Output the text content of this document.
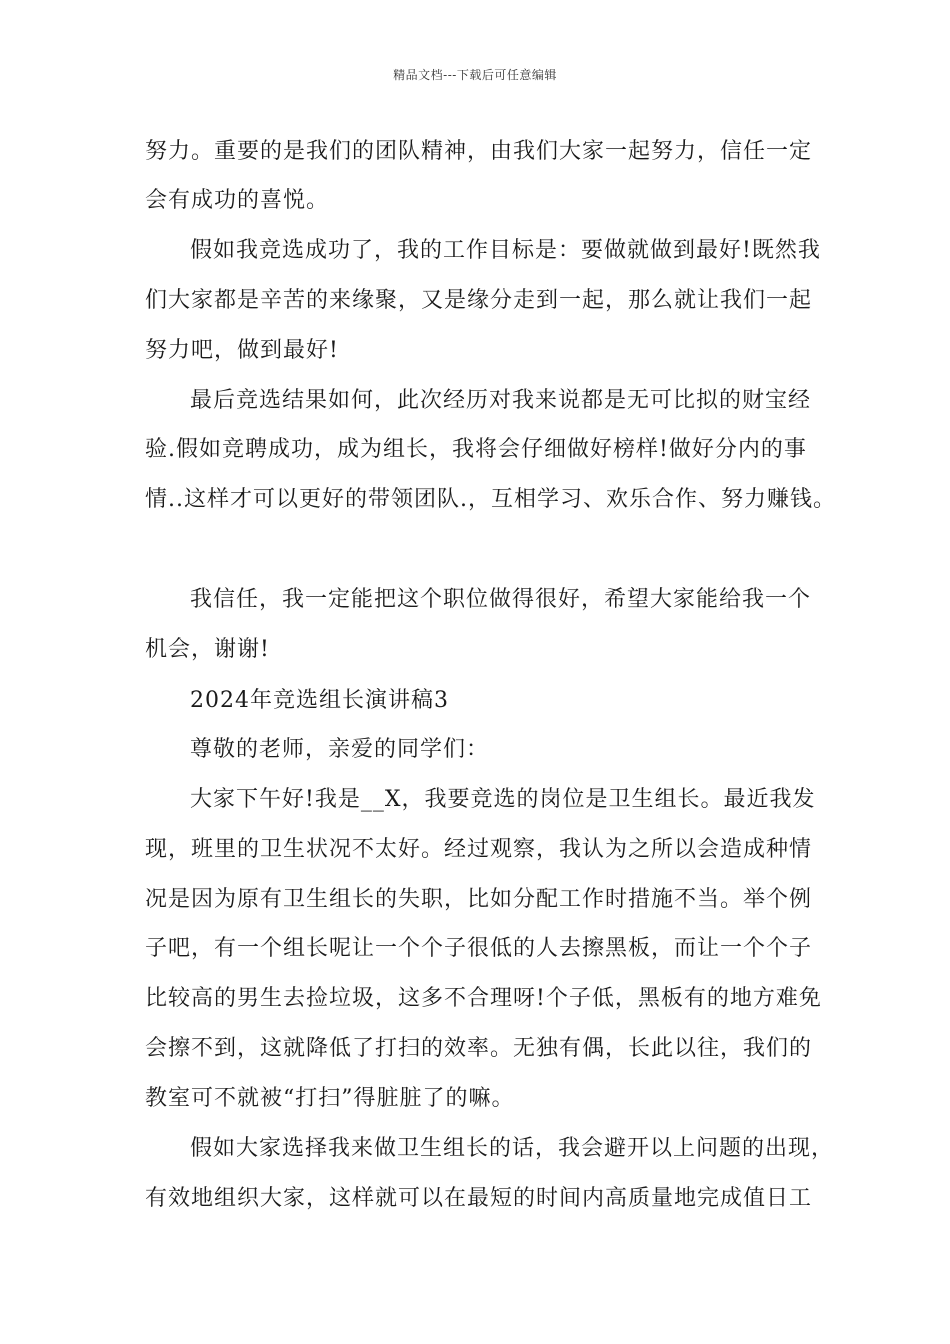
精品文档---下载后可任意编辑
努力。重要的是我们的团队精神，由我们大家一起努力，信任一定
会有成功的喜悦。
假如我竞选成功了，我的工作目标是：要做就做到最好!既然我
们大家都是辛苦的来缘聚，又是缘分走到一起，那么就让我们一起
努力吧，做到最好!
最后竞选结果如何，此次经历对我来说都是无可比拟的财宝经
验.假如竞聘成功，成为组长，我将会仔细做好榜样!做好分内的事
情..这样才可以更好的带领团队.，互相学习、欢乐合作、努力赚钱。
我信任，我一定能把这个职位做得很好，希望大家能给我一个
机会，谢谢!
2024年竞选组长演讲稿3
尊敬的老师，亲爱的同学们：
大家下午好!我是__X，我要竞选的岗位是卫生组长。最近我发
现，班里的卫生状况不太好。经过观察，我认为之所以会造成种情
况是因为原有卫生组长的失职，比如分配工作时措施不当。举个例
子吧，有一个组长呢让一个个子很低的人去擦黑板，而让一个个子
比较高的男生去捡垃圾，这多不合理呀!个子低，黑板有的地方难免
会擦不到，这就降低了打扫的效率。无独有偶，长此以往，我们的
教室可不就被“打扫”得脏脏了的嘛。
假如大家选择我来做卫生组长的话，我会避开以上问题的出现，
有效地组织大家，这样就可以在最短的时间内高质量地完成值日工
